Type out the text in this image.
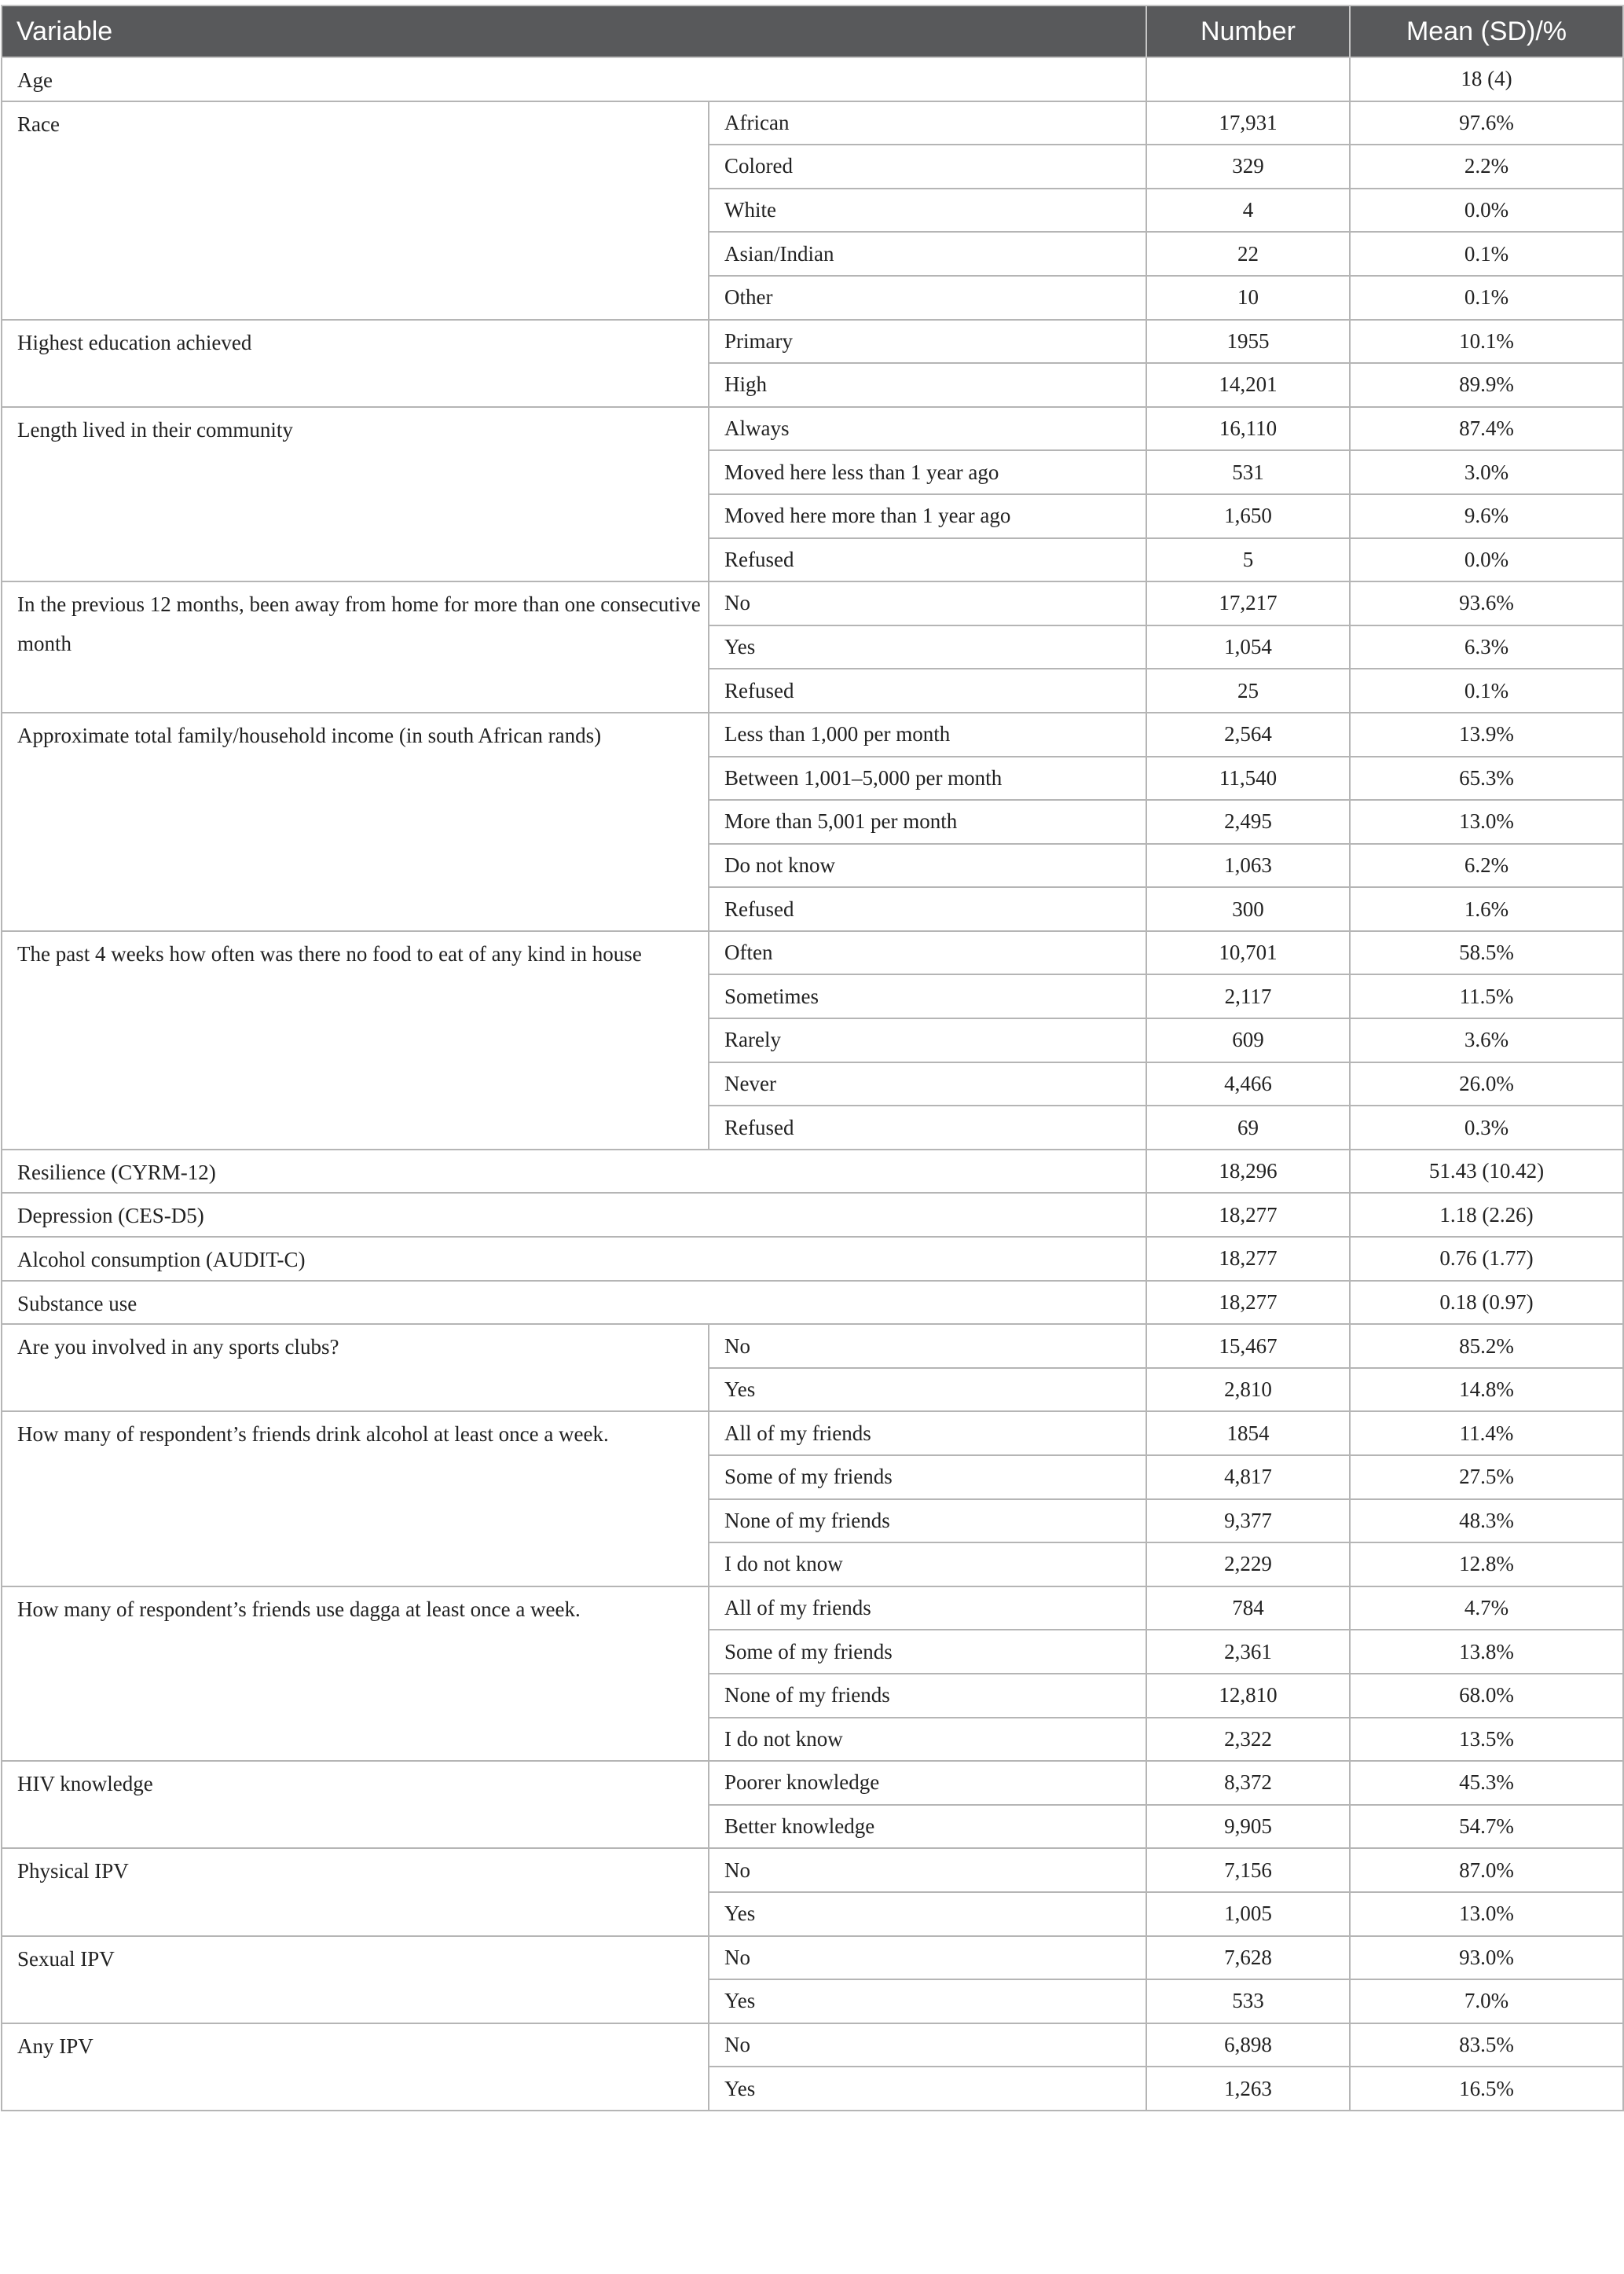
Variable		Number	Mean (SD)/%
Age			18 (4)
Race	African	17,931	97.6%
	Colored	329	2.2%
	White	4	0.0%
	Asian/Indian	22	0.1%
	Other	10	0.1%
Highest education achieved	Primary	1955	10.1%
	High	14,201	89.9%
Length lived in their community	Always	16,110	87.4%
	Moved here less than 1 year ago	531	3.0%
	Moved here more than 1 year ago	1,650	9.6%
	Refused	5	0.0%
In the previous 12 months, been away from home for more than one consecutive month	No	17,217	93.6%
	Yes	1,054	6.3%
	Refused	25	0.1%
Approximate total family/household income (in south African rands)	Less than 1,000 per month	2,564	13.9%
	Between 1,001–5,000 per month	11,540	65.3%
	More than 5,001 per month	2,495	13.0%
	Do not know	1,063	6.2%
	Refused	300	1.6%
The past 4 weeks how often was there no food to eat of any kind in house	Often	10,701	58.5%
	Sometimes	2,117	11.5%
	Rarely	609	3.6%
	Never	4,466	26.0%
	Refused	69	0.3%
Resilience (CYRM-12)		18,296	51.43 (10.42)
Depression (CES-D5)		18,277	1.18 (2.26)
Alcohol consumption (AUDIT-C)		18,277	0.76 (1.77)
Substance use		18,277	0.18 (0.97)
Are you involved in any sports clubs?	No	15,467	85.2%
	Yes	2,810	14.8%
How many of respondent’s friends drink alcohol at least once a week.	All of my friends	1854	11.4%
	Some of my friends	4,817	27.5%
	None of my friends	9,377	48.3%
	I do not know	2,229	12.8%
How many of respondent’s friends use dagga at least once a week.	All of my friends	784	4.7%
	Some of my friends	2,361	13.8%
	None of my friends	12,810	68.0%
	I do not know	2,322	13.5%
HIV knowledge	Poorer knowledge	8,372	45.3%
	Better knowledge	9,905	54.7%
Physical IPV	No	7,156	87.0%
	Yes	1,005	13.0%
Sexual IPV	No	7,628	93.0%
	Yes	533	7.0%
Any IPV	No	6,898	83.5%
	Yes	1,263	16.5%
